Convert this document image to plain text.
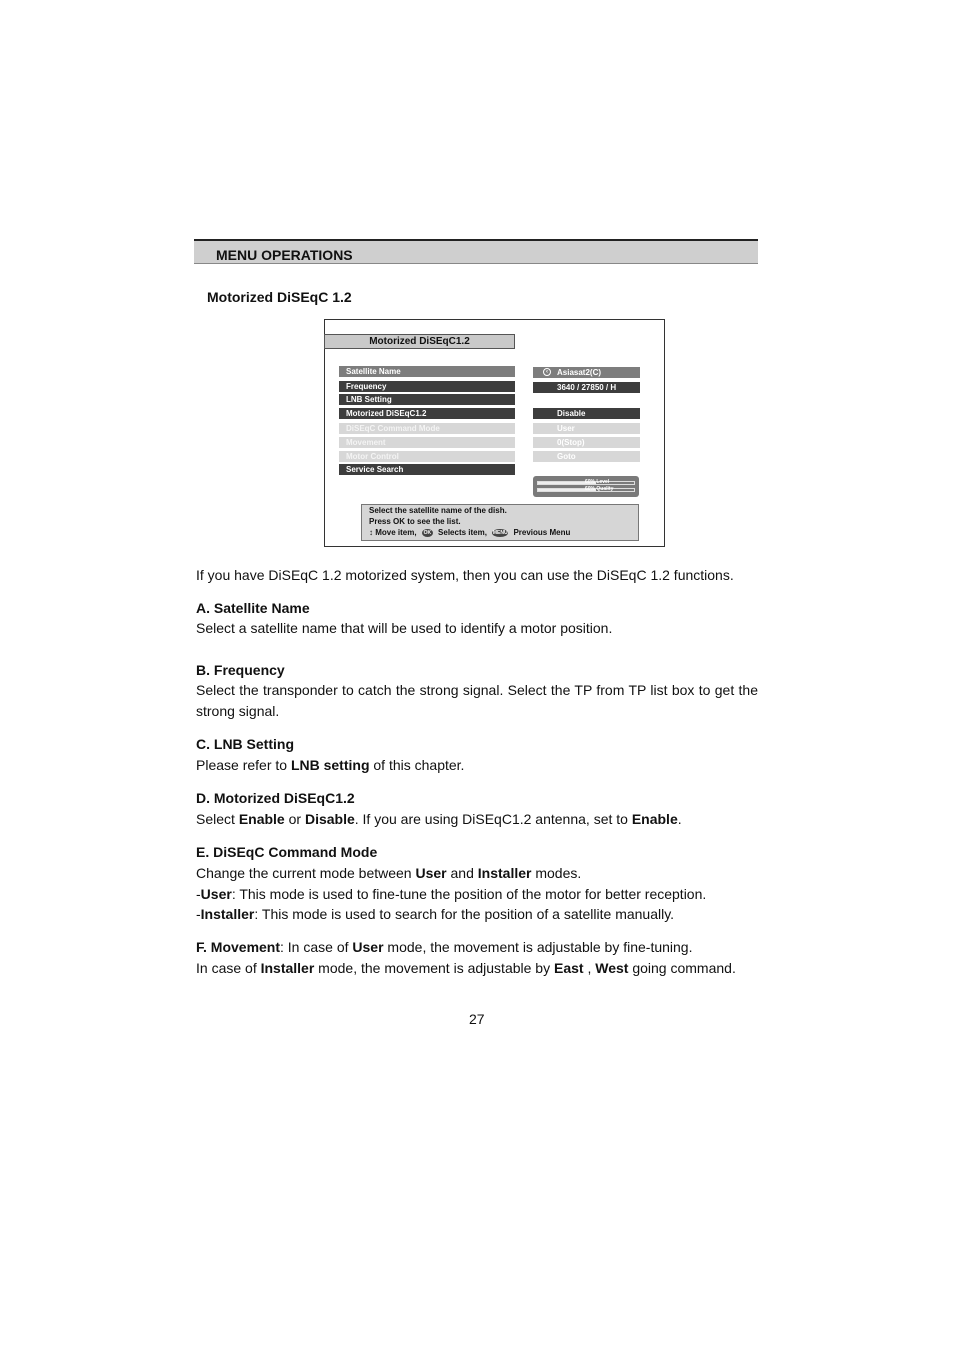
MENU OPERATIONS
Motorized DiSEqC 1.2
Motorized DiSEqC1.2
Satellite Name
Frequency
LNB Setting
Motorized DiSEqC1.2
DiSEqC Command Mode
Movement
Motor Control
Service Search
‹	Asiasat2(C)
3640 / 27850 / H
Disable
User
0(Stop)
Goto
60% Level
60% Quality
Select the satellite name of the dish.
Press OK to see the list.
↕ Move item, OK Selects item, MENU Previous Menu
If you have DiSEqC 1.2 motorized system, then you can use the DiSEqC 1.2 functions.
A. Satellite Name
Select a satellite name that will be used to identify a motor position.
B. Frequency
Select the transponder to catch the strong signal. Select the TP from TP list box to get the strong signal.
C. LNB Setting
Please refer to LNB setting of this chapter.
D. Motorized DiSEqC1.2
Select Enable or Disable. If you are using DiSEqC1.2 antenna, set to Enable.
E. DiSEqC Command Mode
Change the current mode between User and Installer modes.
-User: This mode is used to fine-tune the position of the motor for better reception.
-Installer: This mode is used to search for the position of a satellite manually.
F. Movement: In case of User mode, the movement is adjustable by fine-tuning.
In case of Installer mode, the movement is adjustable by East , West going command.
27
